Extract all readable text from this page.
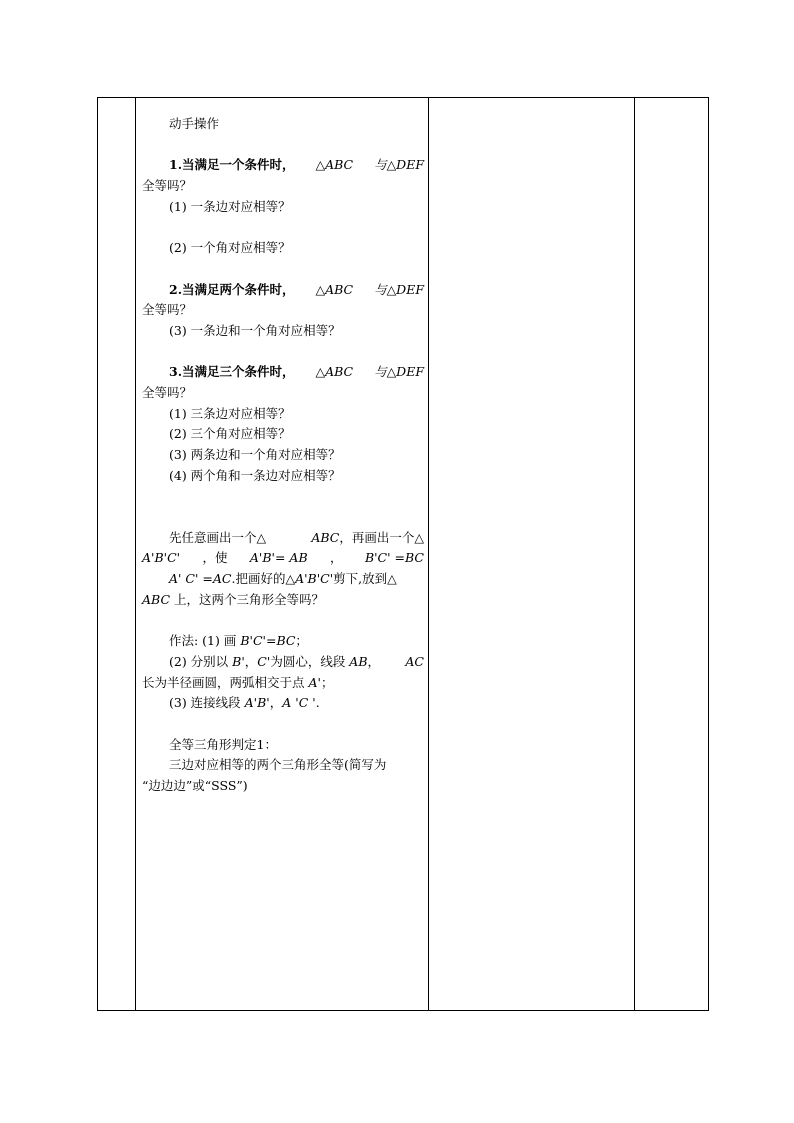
动手操作
1.当满足一个条件时， △ABC 与△DEF
全等吗？
(1) 一条边对应相等？
(2) 一个角对应相等？
2.当满足两个条件时， △ABC 与△DEF
全等吗？
(3) 一条边和一个角对应相等？
3.当满足三个条件时， △ABC 与△DEF
全等吗？
(1) 三条边对应相等？
(2) 三个角对应相等？
(3) 两条边和一个角对应相等？
(4) 两个角和一条边对应相等？
先任意画出一个△	ABC，再画出一个△
A'B'C' ，使 A'B'= AB ， B'C' =BC
A' C' =AC.把画好的△A'B'C'剪下,放到△
ABC 上，这两个三角形全等吗？
作法: (1) 画 B'C'=BC；
(2) 分别以 B'，C'为圆心，线段 AB， AC
长为半径画圆，两弧相交于点 A'；
(3) 连接线段 A'B'，A 'C '.
全等三角形判定1：
三边对应相等的两个三角形全等(简写为
“边边边”或“SSS”)
